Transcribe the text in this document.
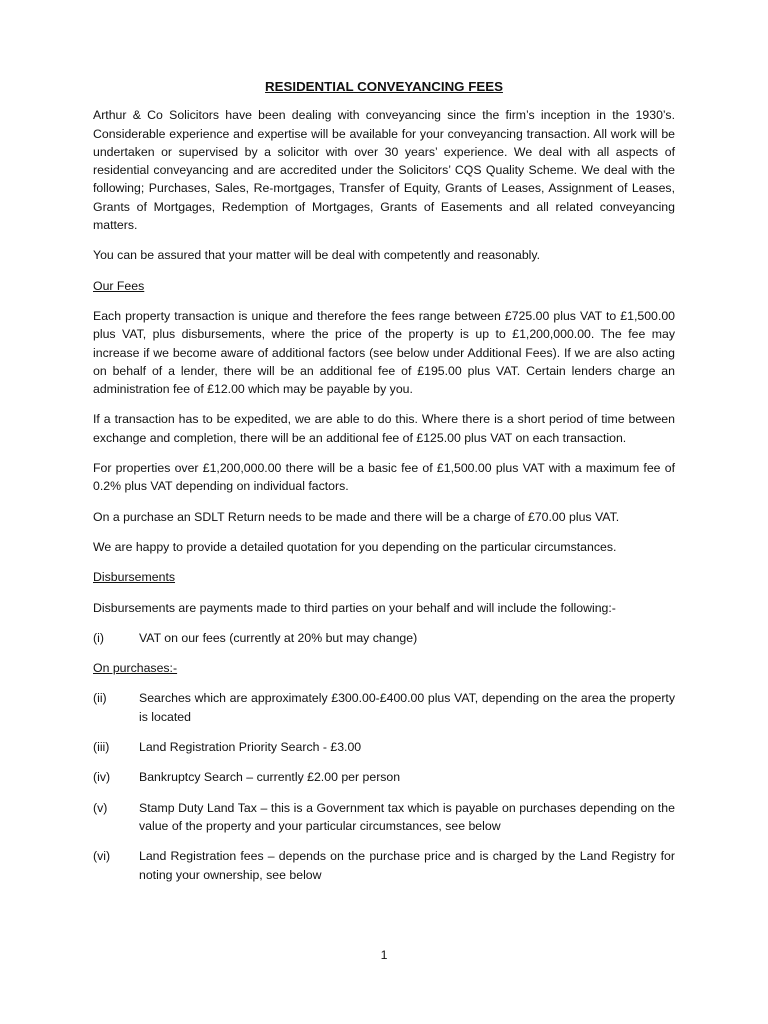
RESIDENTIAL CONVEYANCING FEES

Arthur & Co Solicitors have been dealing with conveyancing since the firm’s inception in the 1930’s. Considerable experience and expertise will be available for your conveyancing transaction. All work will be undertaken or supervised by a solicitor with over 30 years’ experience. We deal with all aspects of residential conveyancing and are accredited under the Solicitors’ CQS Quality Scheme. We deal with the following; Purchases, Sales, Re-mortgages, Transfer of Equity, Grants of Leases, Assignment of Leases, Grants of Mortgages, Redemption of Mortgages, Grants of Easements and all related conveyancing matters.

You can be assured that your matter will be deal with competently and reasonably.

Our Fees

Each property transaction is unique and therefore the fees range between £725.00 plus VAT to £1,500.00 plus VAT, plus disbursements, where the price of the property is up to £1,200,000.00. The fee may increase if we become aware of additional factors (see below under Additional Fees). If we are also acting on behalf of a lender, there will be an additional fee of £195.00 plus VAT. Certain lenders charge an administration fee of £12.00 which may be payable by you.

If a transaction has to be expedited, we are able to do this. Where there is a short period of time between exchange and completion, there will be an additional fee of £125.00 plus VAT on each transaction.

For properties over £1,200,000.00 there will be a basic fee of £1,500.00 plus VAT with a maximum fee of 0.2% plus VAT depending on individual factors.

On a purchase an SDLT Return needs to be made and there will be a charge of £70.00 plus VAT.

We are happy to provide a detailed quotation for you depending on the particular circumstances.

Disbursements

Disbursements are payments made to third parties on your behalf and will include the following:-

(i)	VAT on our fees (currently at 20% but may change)
On purchases:-
(ii)	Searches which are approximately £300.00-£400.00 plus VAT, depending on the area the property is located
(iii)	Land Registration Priority Search - £3.00
(iv)	Bankruptcy Search – currently £2.00 per person
(v)	Stamp Duty Land Tax – this is a Government tax which is payable on purchases depending on the value of the property and your particular circumstances, see below
(vi)	Land Registration fees – depends on the purchase price and is charged by the Land Registry for noting your ownership, see below
1
